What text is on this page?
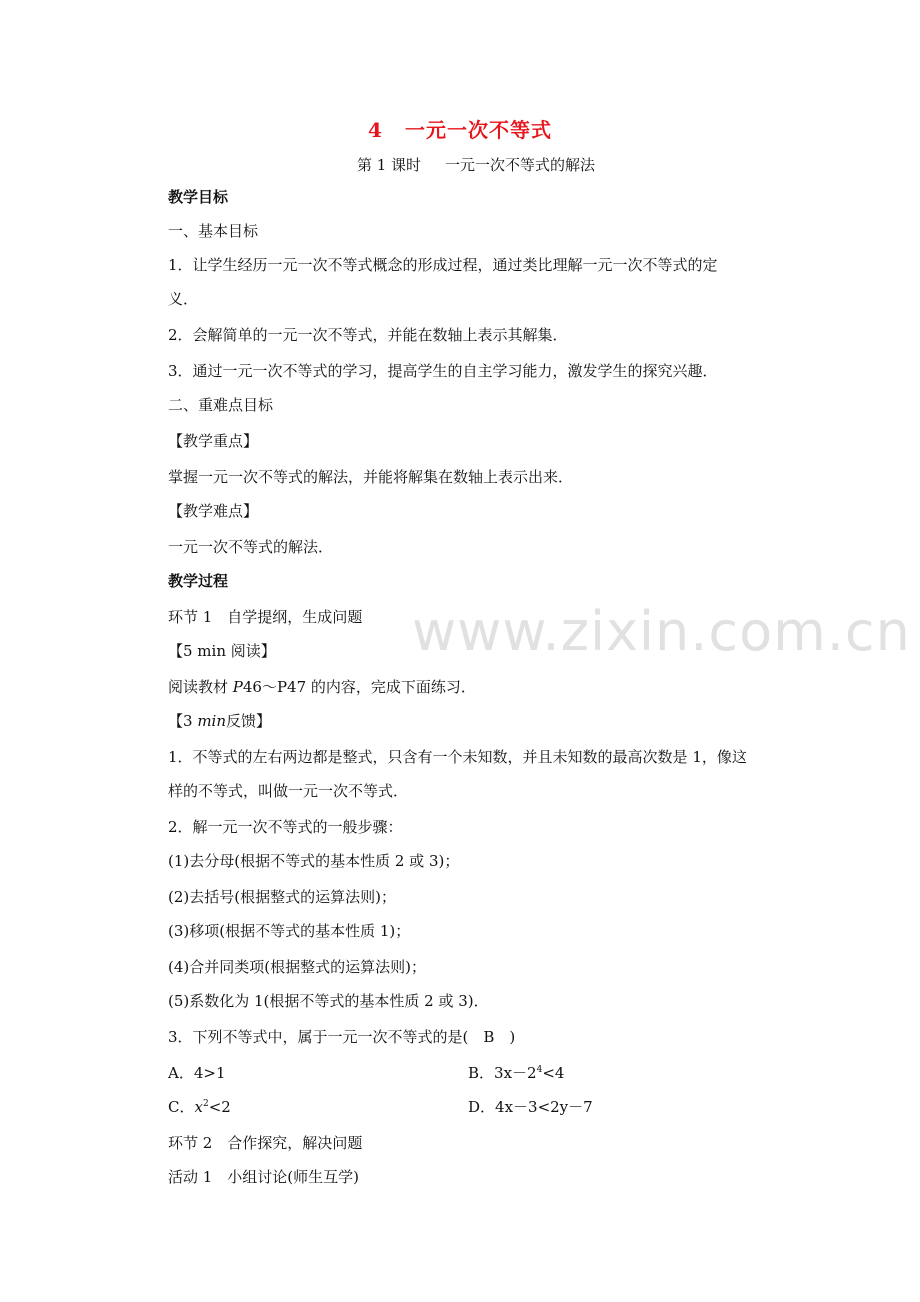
4 一元一次不等式
第 1 课时 一元一次不等式的解法
教学目标
一、基本目标
1．让学生经历一元一次不等式概念的形成过程，通过类比理解一元一次不等式的定
义．
2．会解简单的一元一次不等式，并能在数轴上表示其解集．
3．通过一元一次不等式的学习，提高学生的自主学习能力，激发学生的探究兴趣．
二、重难点目标
【教学重点】
掌握一元一次不等式的解法，并能将解集在数轴上表示出来．
【教学难点】
一元一次不等式的解法．
教学过程
环节 1　自学提纲，生成问题
【5 min 阅读】
阅读教材 P46～P47 的内容，完成下面练习．
【3 min反馈】
1．不等式的左右两边都是整式，只含有一个未知数，并且未知数的最高次数是 1，像这
样的不等式，叫做一元一次不等式．
2．解一元一次不等式的一般步骤：
(1)去分母(根据不等式的基本性质 2 或 3)；
(2)去括号(根据整式的运算法则)；
(3)移项(根据不等式的基本性质 1)；
(4)合并同类项(根据整式的运算法则)；
(5)系数化为 1(根据不等式的基本性质 2 或 3)．
3．下列不等式中，属于一元一次不等式的是(　B　)
A．4>1	B．$3x-2^4<4$
C．$x^2<2$	D．4x－3<2y－7
环节 2　合作探究，解决问题
活动 1　小组讨论(师生互学)
www.zixin.com.cn
